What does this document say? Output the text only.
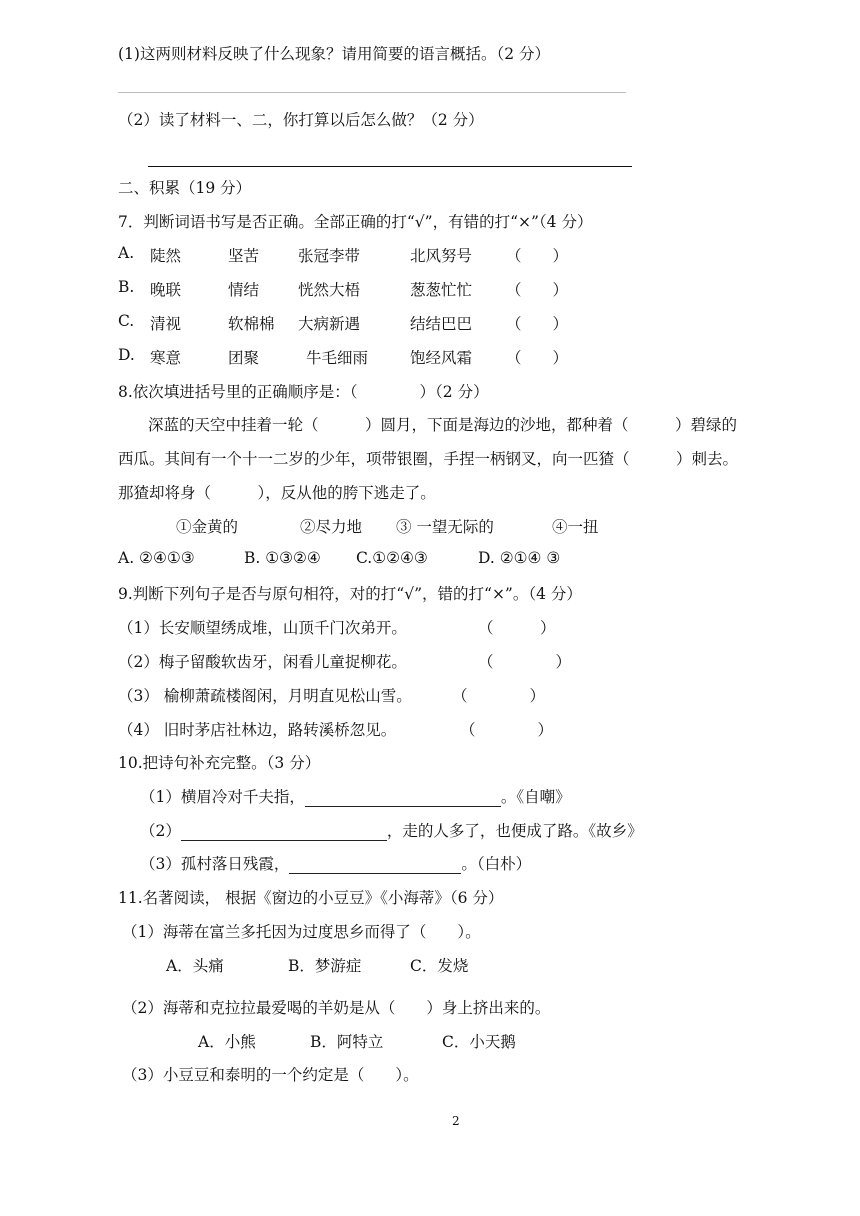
(1)这两则材料反映了什么现象？请用简要的语言概括。（2 分）
（2）读了材料一、二，你打算以后怎么做？（2 分）
二、积累（19 分）
7．判断词语书写是否正确。全部正确的打“√”，有错的打“×”（4 分）
A. 陡然	坚苦	张冠李带	北风努号 （　　）
B. 晚联	情结	恍然大梧	葱葱忙忙 （　　）
C. 清视	软棉棉 大病新遇	结结巴巴 （　　）
D. 寒意	团聚	牛毛细雨	饱经风霜 （　　）
8.依次填进括号里的正确顺序是：（　　　　）（2 分）
深蓝的天空中挂着一轮（　　　）圆月，下面是海边的沙地，都种着（　　　）碧绿的
西瓜。其间有一个十一二岁的少年，项带银圈，手捏一柄钢叉，向一匹猹（　　　）刺去。
那猹却将身（　　　），反从他的胯下逃走了。
①金黄的	②尽力地 ③ 一望无际的	④一扭
A. ②④①③	B. ①③②④ C.①②④③	D. ②①④ ③
9.判断下列句子是否与原句相符，对的打“√”，错的打“×”。（4 分）
（1）长安顺望绣成堆，山顶千门次弟开。	（　　　）
（2）梅子留酸软齿牙，闲看儿童捉柳花。	（　　　　）
（3） 榆柳萧疏楼阁闲，月明直见松山雪。	（　　　　）
（4） 旧时茅店社林边，路转溪桥忽见。	（　　　　）
10.把诗句补充完整。（3 分）
（1）横眉冷对千夫指，	。《自嘲》
（2）	，走的人多了，也便成了路。《故乡》
（3）孤村落日残霞，	。（白朴）
11.名著阅读， 根据《窗边的小豆豆》《小海蒂》（6 分）
（1）海蒂在富兰多托因为过度思乡而得了（　　）。
A．头痛	B．梦游症	C．发烧
（2）海蒂和克拉拉最爱喝的羊奶是从（　　）身上挤出来的。
A．小熊	B．阿特立	C．小天鹅
（3）小豆豆和泰明的一个约定是（　　）。
2
